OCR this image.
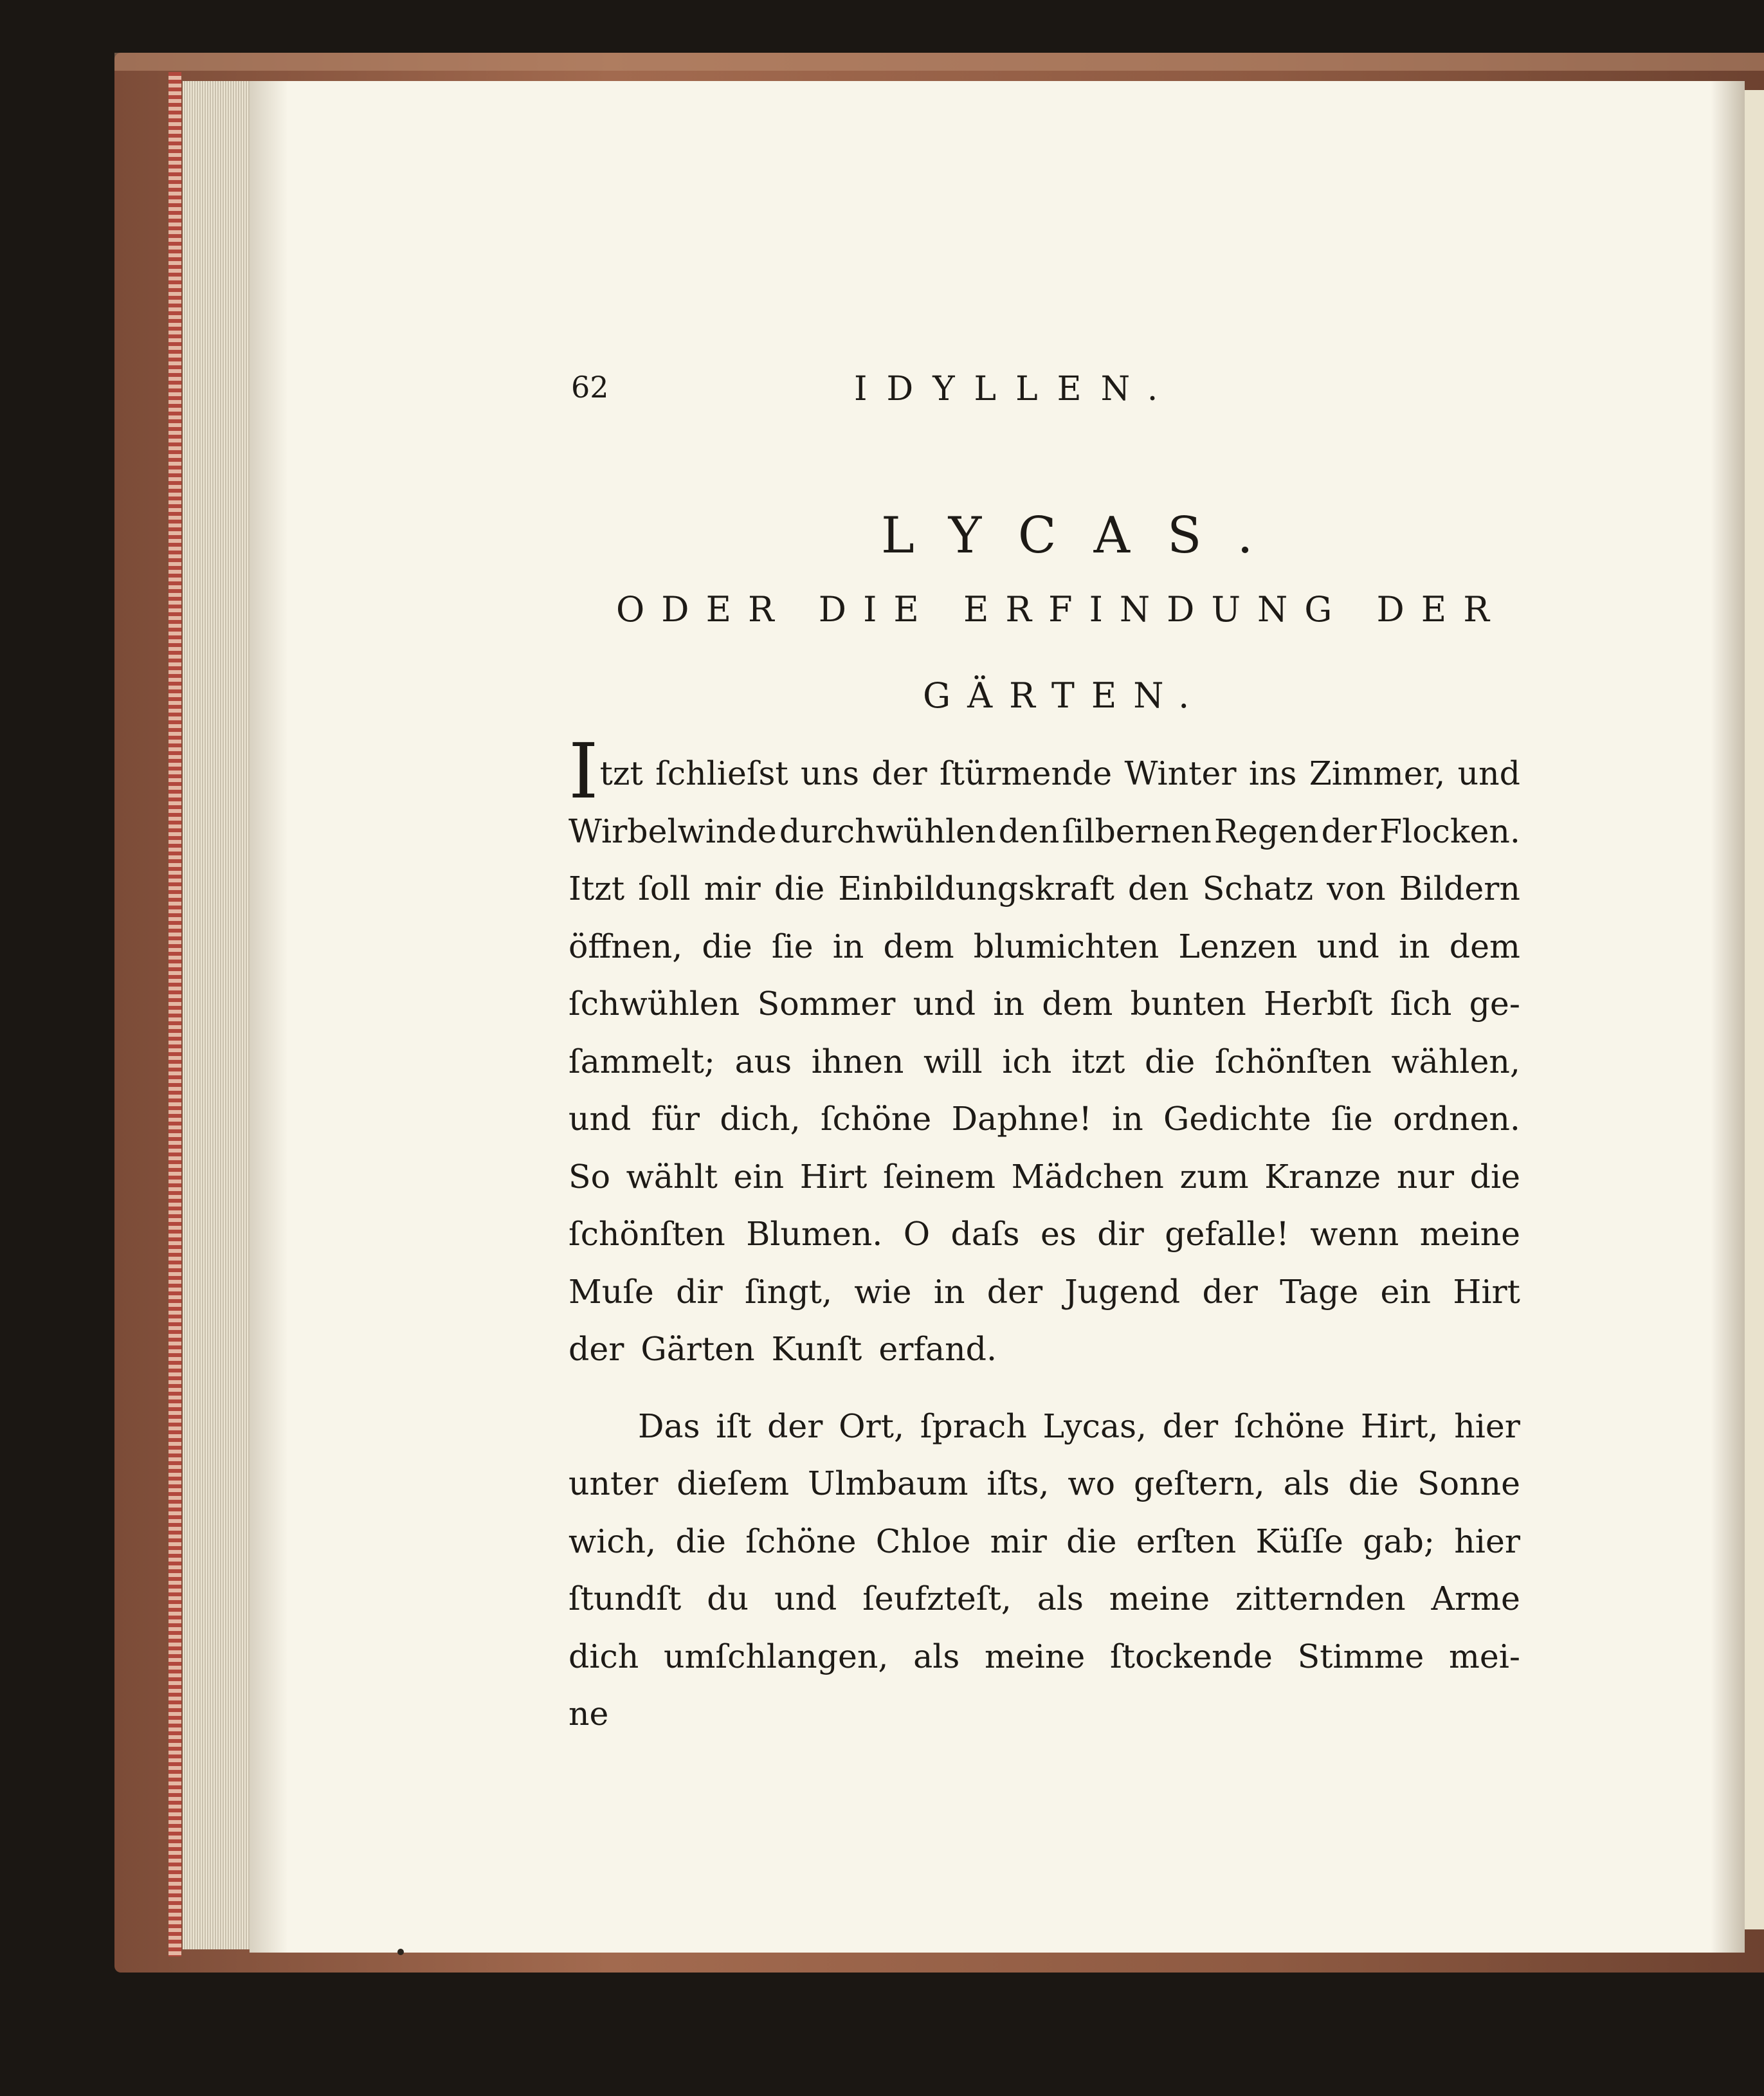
62	IDYLLEN.
LYCAS.
ODER DIE ERFINDUNG DER
GÄRTEN.
Itzt ſchlieſst uns der ſtürmende Winter ins Zimmer, und
Wirbelwinde durchwühlen den ſilbernen Regen der Flocken.
Itzt ſoll mir die Einbildungskraft den Schatz von Bildern
öffnen, die ſie in dem blumichten Lenzen und in dem
ſchwühlen Sommer und in dem bunten Herbſt ſich ge-
ſammelt; aus ihnen will ich itzt die ſchönſten wählen,
und für dich, ſchöne Daphne! in Gedichte ſie ordnen.
So wählt ein Hirt ſeinem Mädchen zum Kranze nur die
ſchönſten Blumen. O daſs es dir gefalle! wenn meine
Muſe dir ſingt, wie in der Jugend der Tage ein Hirt
der Gärten Kunſt erfand.
Das iſt der Ort, ſprach Lycas, der ſchöne Hirt, hier
unter dieſem Ulmbaum iſts, wo geſtern, als die Sonne
wich, die ſchöne Chloe mir die erſten Küſſe gab; hier
ſtundſt du und ſeufzteſt, als meine zitternden Arme
dich umſchlangen, als meine ſtockende Stimme mei-
ne
